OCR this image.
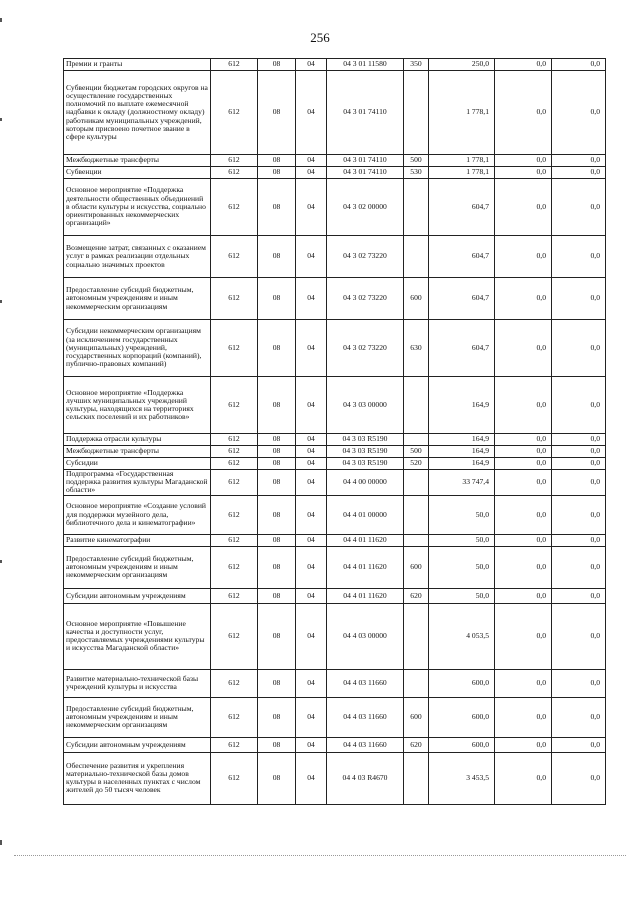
256
Премии и гранты	612	08	04	04 3 01 11580	350	250,0	0,0	0,0
Субвенции бюджетам городских округов на осуществление государственных полномочий по выплате ежемесячной надбавки к окладу (должностному окладу) работникам муниципальных учреждений, которым присвоено почетное звание в сфере культуры	612	08	04	04 3 01 74110		1 778,1	0,0	0,0
Межбюджетные трансферты	612	08	04	04 3 01 74110	500	1 778,1	0,0	0,0
Субвенции	612	08	04	04 3 01 74110	530	1 778,1	0,0	0,0
Основное мероприятие «Поддержка деятельности общественных объединений в области культуры и искусства, социально ориентированных некоммерческих организаций»	612	08	04	04 3 02 00000		604,7	0,0	0,0
Возмещение затрат, связанных с оказанием услуг в рамках реализации отдельных социально значимых проектов	612	08	04	04 3 02 73220		604,7	0,0	0,0
Предоставление субсидий бюджетным, автономным учреждениям и иным некоммерческим организациям	612	08	04	04 3 02 73220	600	604,7	0,0	0,0
Субсидии некоммерческим организациям (за исключением государственных (муниципальных) учреждений, государственных корпораций (компаний), публично-правовых компаний)	612	08	04	04 3 02 73220	630	604,7	0,0	0,0
Основное мероприятие «Поддержка лучших муниципальных учреждений культуры, находящихся на территориях сельских поселений и их работников»	612	08	04	04 3 03 00000		164,9	0,0	0,0
Поддержка отрасли культуры	612	08	04	04 3 03 R5190		164,9	0,0	0,0
Межбюджетные трансферты	612	08	04	04 3 03 R5190	500	164,9	0,0	0,0
Субсидии	612	08	04	04 3 03 R5190	520	164,9	0,0	0,0
Подпрограмма «Государственная поддержка развития культуры Магаданской области»	612	08	04	04 4 00 00000		33 747,4	0,0	0,0
Основное мероприятие «Создание условий для поддержки музейного дела, библиотечного дела и кинематографии»	612	08	04	04 4 01 00000		50,0	0,0	0,0
Развитие кинематографии	612	08	04	04 4 01 11620		50,0	0,0	0,0
Предоставление субсидий бюджетным, автономным учреждениям и иным некоммерческим организациям	612	08	04	04 4 01 11620	600	50,0	0,0	0,0
Субсидии автономным учреждениям	612	08	04	04 4 01 11620	620	50,0	0,0	0,0
Основное мероприятие «Повышение качества и доступности услуг, предоставляемых учреждениями культуры и искусства Магаданской области»	612	08	04	04 4 03 00000		4 053,5	0,0	0,0
Развитие материально-технической базы учреждений культуры и искусства	612	08	04	04 4 03 11660		600,0	0,0	0,0
Предоставление субсидий бюджетным, автономным учреждениям и иным некоммерческим организациям	612	08	04	04 4 03 11660	600	600,0	0,0	0,0
Субсидии автономным учреждениям	612	08	04	04 4 03 11660	620	600,0	0,0	0,0
Обеспечение развития и укрепления материально-технической базы домов культуры в населенных пунктах с числом жителей до 50 тысяч человек	612	08	04	04 4 03 R4670		3 453,5	0,0	0,0
